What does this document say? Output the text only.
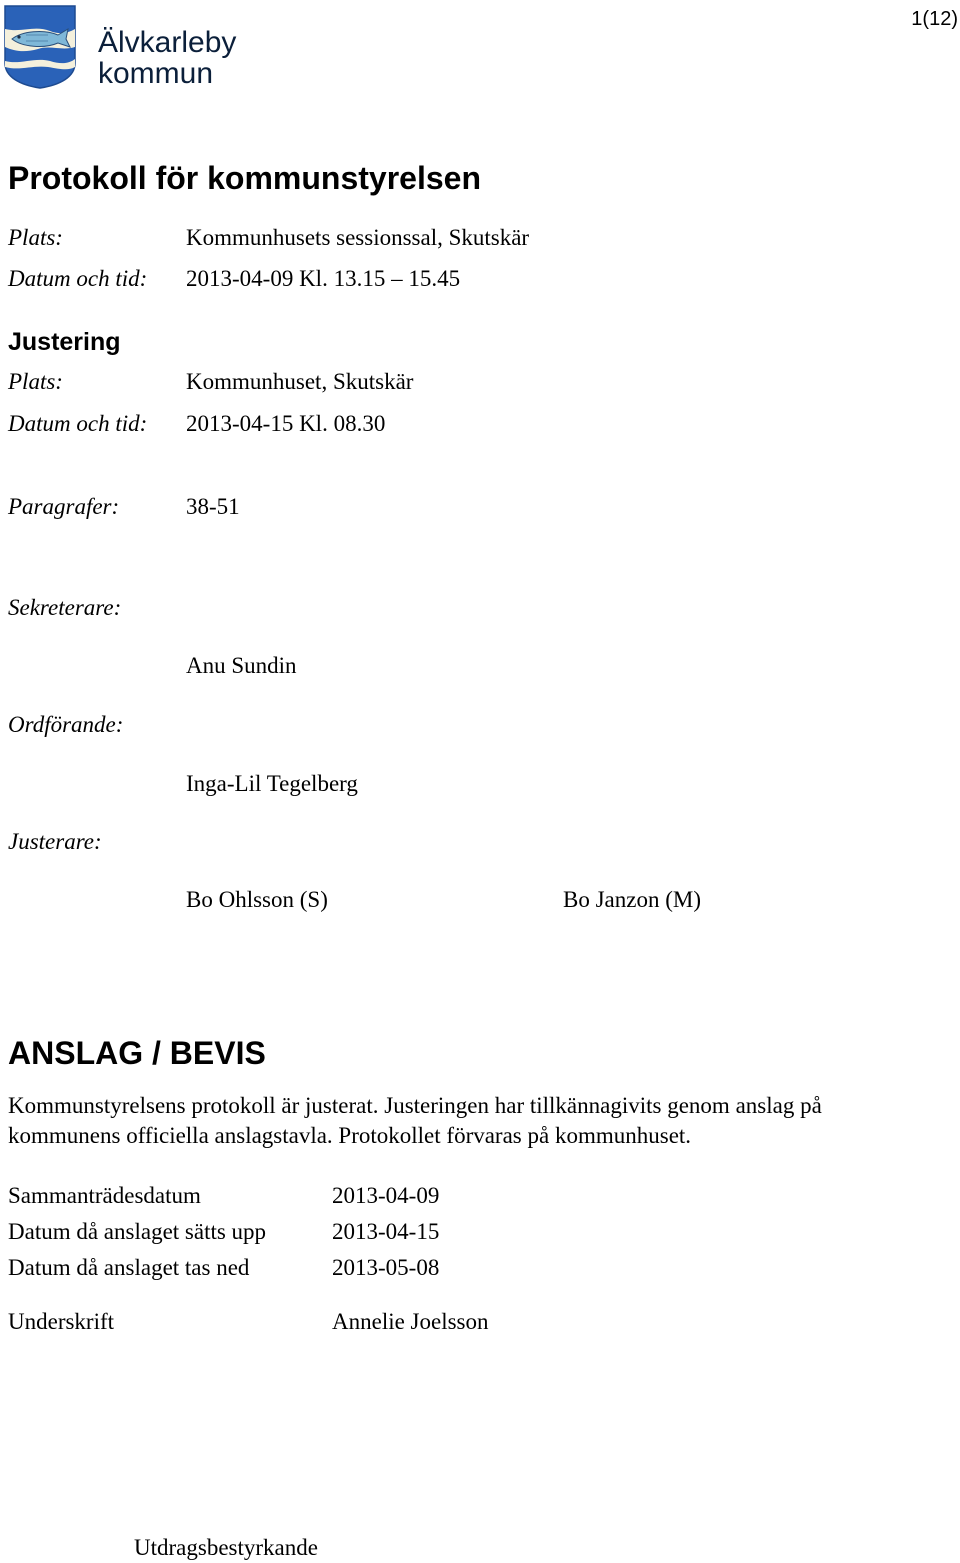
Älvkarleby
kommun
1(12)
Protokoll för kommunstyrelsen
Plats:	Kommunhusets sessionssal, Skutskär
Datum och tid: 2013-04-09 Kl. 13.15 – 15.45
Justering
Plats:	Kommunhuset, Skutskär
Datum och tid: 2013-04-15 Kl. 08.30
Paragrafer:	38-51
Sekreterare:
Anu Sundin
Ordförande:
Inga-Lil Tegelberg
Justerare:
Bo Ohlsson (S)	Bo Janzon (M)
ANSLAG / BEVIS
Kommunstyrelsens protokoll är justerat. Justeringen har tillkännagivits genom anslag på
kommunens officiella anslagstavla. Protokollet förvaras på kommunhuset.
Sammanträdesdatum	2013-04-09
Datum då anslaget sätts upp	2013-04-15
Datum då anslaget tas ned	2013-05-08
Underskrift	Annelie Joelsson
Utdragsbestyrkande
